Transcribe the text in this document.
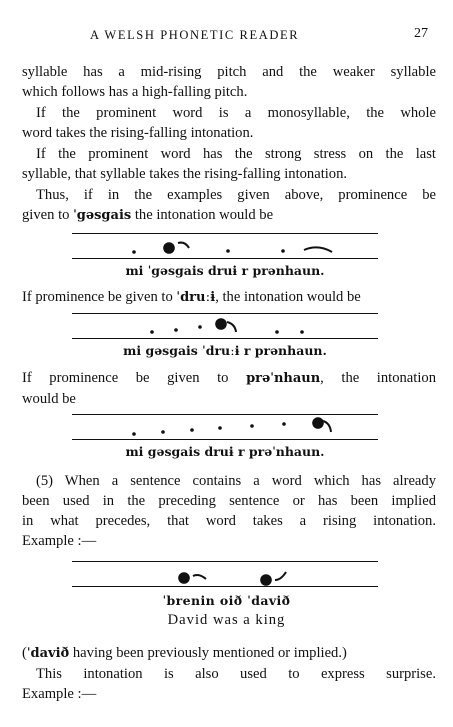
A WELSH PHONETIC READER	27
syllable has a mid-rising pitch and the weaker syllable
which follows has a high-falling pitch.
If the prominent word is a monosyllable, the whole
word takes the rising-falling intonation.
If the prominent word has the strong stress on the last
syllable, that syllable takes the rising-falling intonation.
Thus, if in the examples given above, prominence be
given to ˈgəsgais the intonation would be
mi ˈgəsgais druɨ r prənhaun.
If prominence be given to ˈdruːɨ, the intonation would be
mi gəsgais ˈdruːɨ r prənhaun.
If prominence be given to prəˈnhaun, the intonation
would be
mi gəsgais druɨ r prəˈnhaun.
(5) When a sentence contains a word which has already
been used in the preceding sentence or has been implied
in what precedes, that word takes a rising intonation.
Example :—
ˈbrenin oið ˈdavið
David was a king
(ˈdavið having been previously mentioned or implied.)
This intonation is also used to express surprise.
Example :—
